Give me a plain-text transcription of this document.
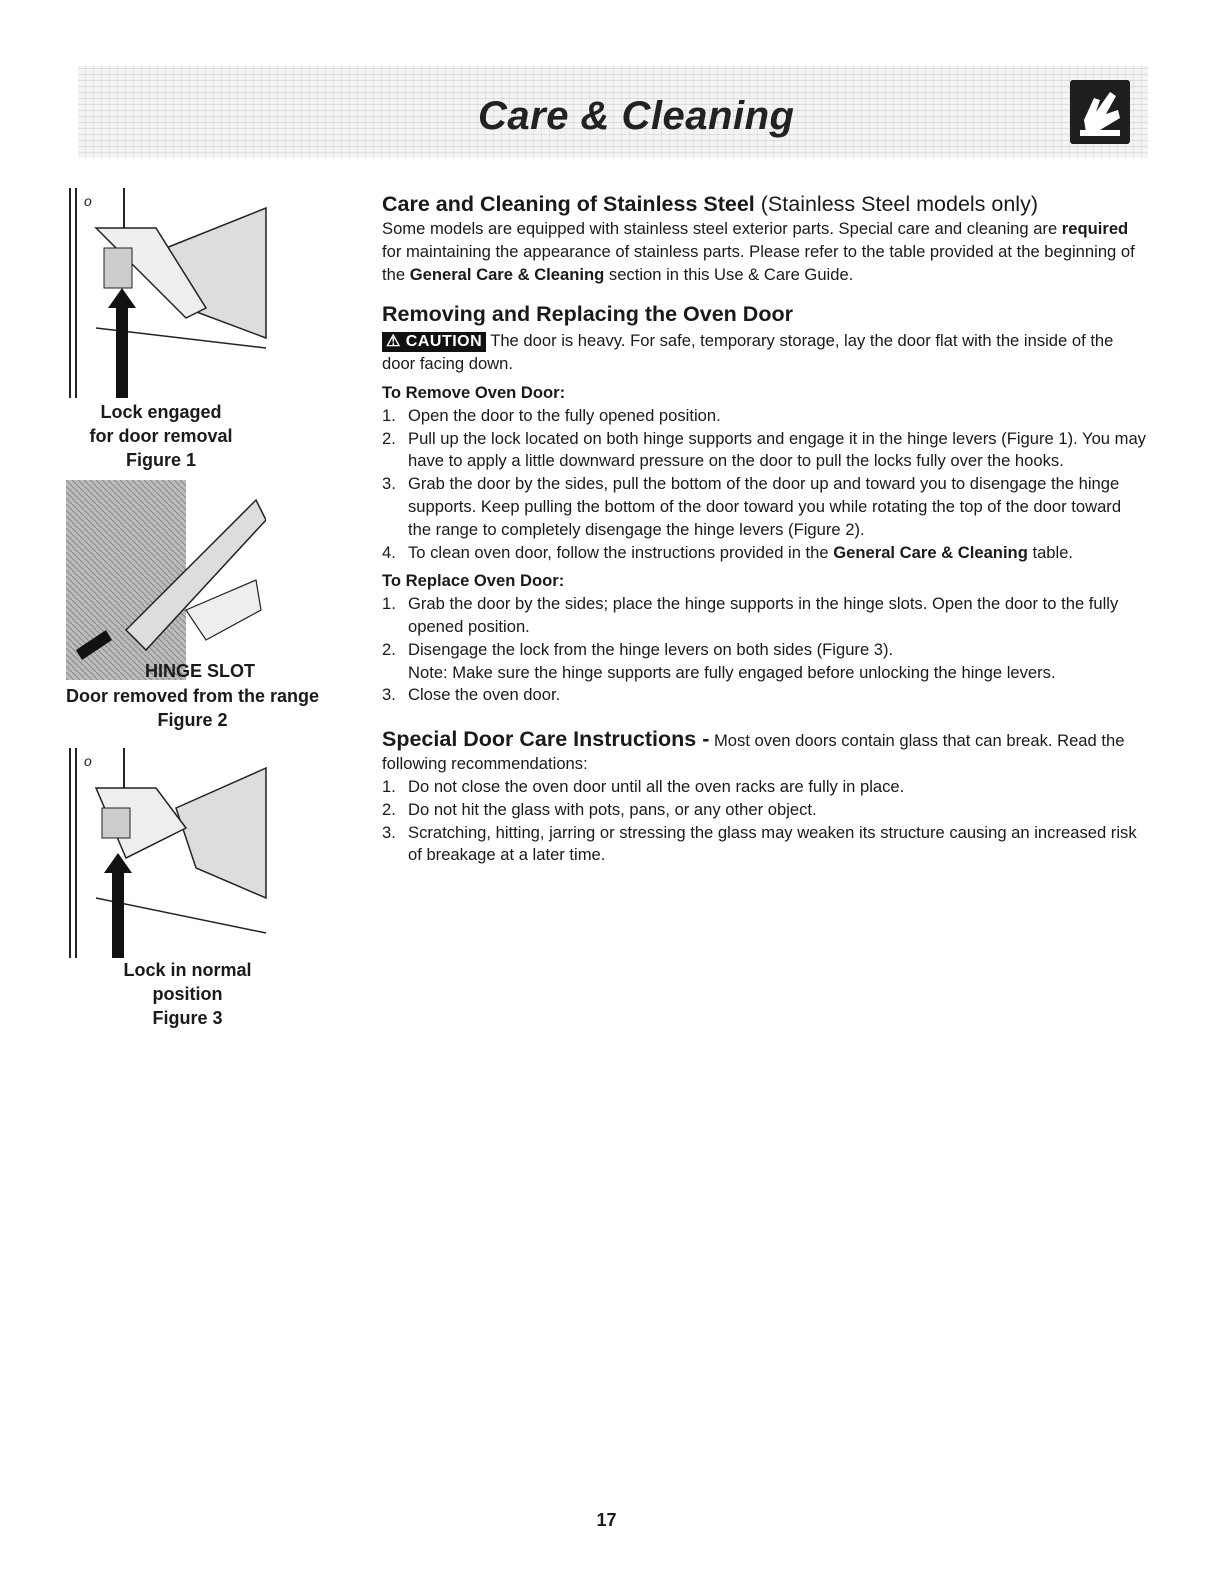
Care & Cleaning
o
Lock engaged
for door removal
Figure 1
HINGE SLOT
Door removed from the range
Figure 2
o
Lock in normal
position
Figure 3

Care and Cleaning of Stainless Steel (Stainless Steel models only)

Some models are equipped with stainless steel exterior parts. Special care and cleaning are required for maintaining the appearance of stainless parts. Please refer to the table provided at the beginning of the General Care & Cleaning section in this Use & Care Guide.

Removing and Replacing the Oven Door

⚠ CAUTION The door is heavy. For safe, temporary storage, lay the door flat with the inside of the door facing down.

To Remove Oven Door:

1. Open the door to the fully opened position.
2. Pull up the lock located on both hinge supports and engage it in the hinge levers (Figure 1). You may have to apply a little downward pressure on the door to pull the locks fully over the hooks.
3. Grab the door by the sides, pull the bottom of the door up and toward you to disengage the hinge supports. Keep pulling the bottom of the door toward you while rotating the top of the door toward the range to completely disengage the hinge levers (Figure 2).
4. To clean oven door, follow the instructions provided in the General Care & Cleaning table.

To Replace Oven Door:

1. Grab the door by the sides; place the hinge supports in the hinge slots. Open the door to the fully opened position.
2. Disengage the lock from the hinge levers on both sides (Figure 3).
Note: Make sure the hinge supports are fully engaged before unlocking the hinge levers.
3. Close the oven door.

Special Door Care Instructions - Most oven doors contain glass that can break. Read the following recommendations:

1. Do not close the oven door until all the oven racks are fully in place.
2. Do not hit the glass with pots, pans, or any other object.
3. Scratching, hitting, jarring or stressing the glass may weaken its structure causing an increased risk of breakage at a later time.
17
